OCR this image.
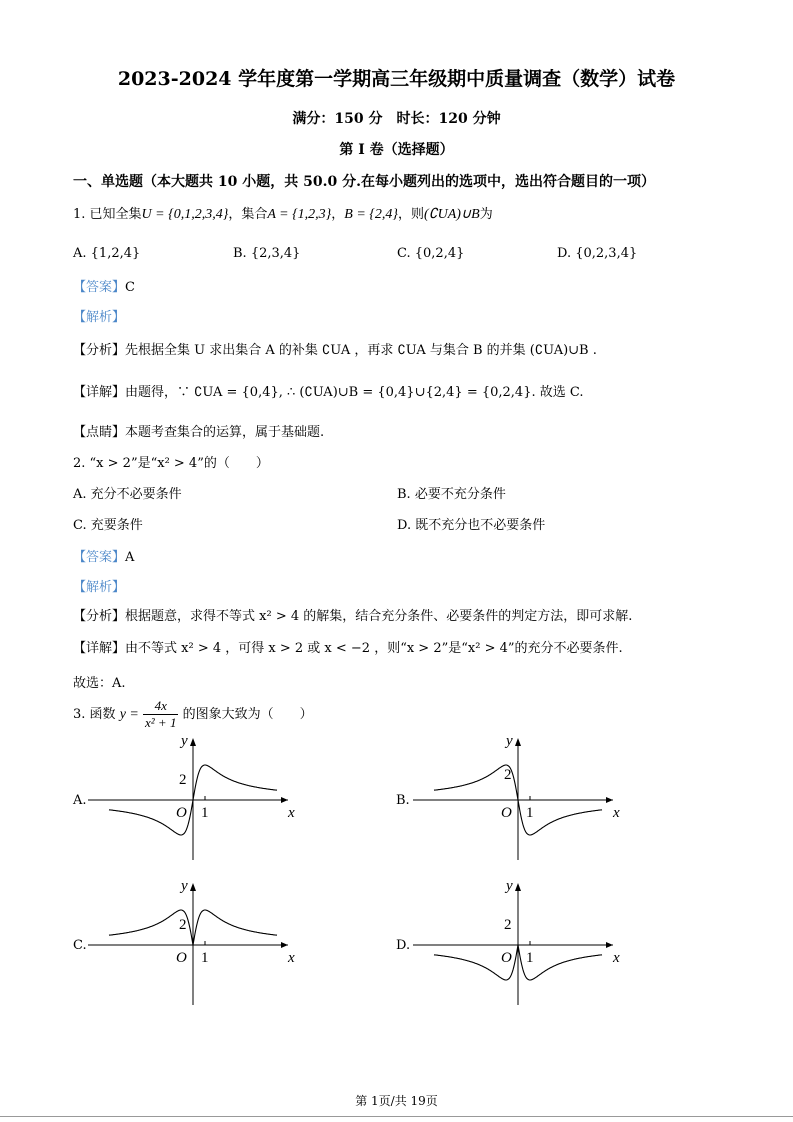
2023-2024 学年度第一学期高三年级期中质量调查（数学）试卷
满分：150 分　时长：120 分钟
第 I 卷（选择题）
一、单选题（本大题共 10 小题，共 50.0 分.在每小题列出的选项中，选出符合题目的一项）
1. 已知全集U = {0,1,2,3,4}，集合A = {1,2,3}，B = {2,4}，则(∁UA)∪B为
A. {1,2,4}	B. {2,3,4}	C. {0,2,4}	D. {0,2,3,4}
【答案】C
【解析】
【分析】先根据全集 U 求出集合 A 的补集 ∁UA ，再求 ∁UA 与集合 B 的并集 (∁UA)∪B .
【详解】由题得，∵ ∁UA = {0,4}, ∴ (∁UA)∪B = {0,4}∪{2,4} = {0,2,4}. 故选 C.
【点睛】本题考查集合的运算，属于基础题.
2. “x > 2”是“x² > 4”的（　　）
A. 充分不必要条件	B. 必要不充分条件
C. 充要条件	D. 既不充分也不必要条件
【答案】A
【解析】
【分析】根据题意，求得不等式 x² > 4 的解集，结合充分条件、必要条件的判定方法，即可求解.
【详解】由不等式 x² > 4 ，可得 x > 2 或 x < −2 ，则“x > 2”是“x² > 4”的充分不必要条件.
故选：A.
3. 函数 $y = \frac{4x}{\text{x² + 1}}$ 的图象大致为（　　）
A.
x
y
O 1
2
B.
x
y
O 1
2
C.
x
y
O 1
2
D.
x
y
O 1
2
第 1页/共 19页
